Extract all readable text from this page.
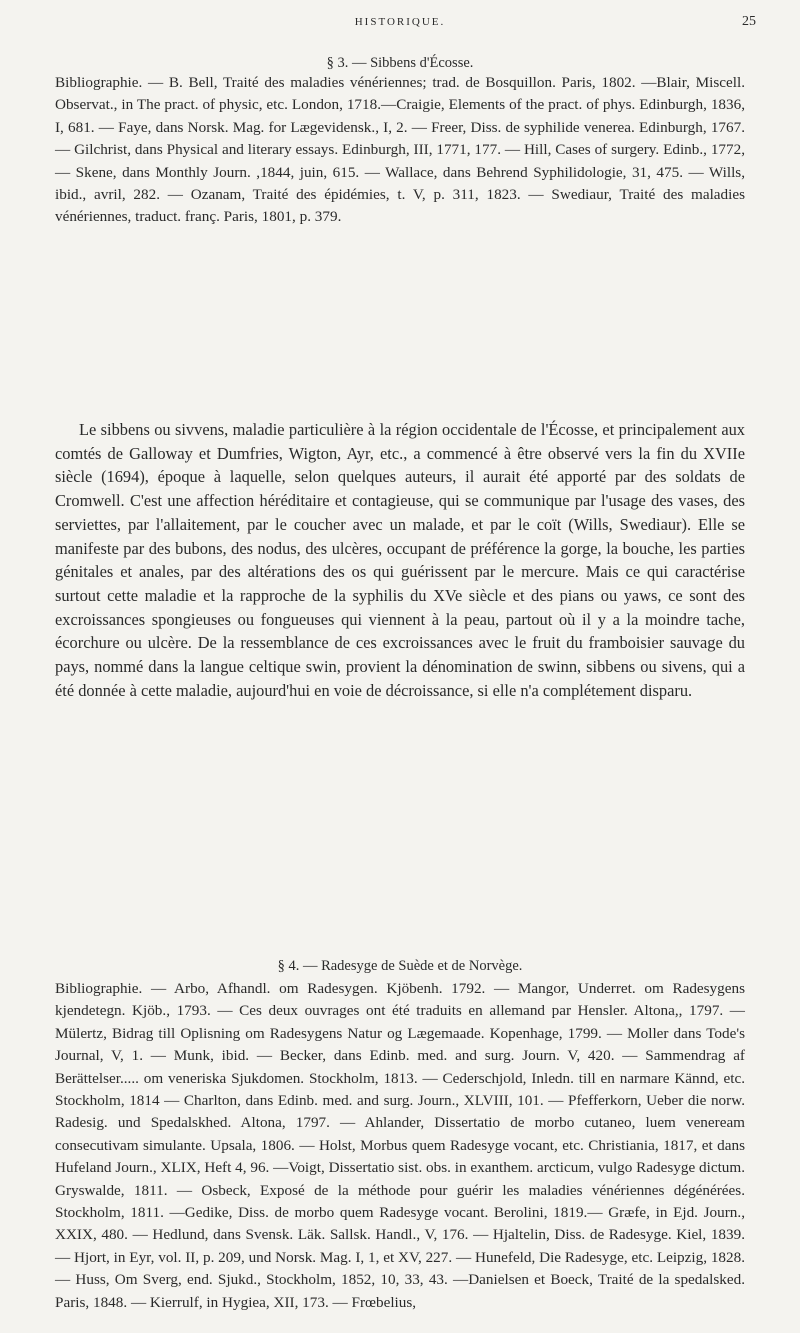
HISTORIQUE.	25
§ 3. — Sibbens d'Écosse.
Bibliographie. — B. Bell, Traité des maladies vénériennes; trad. de Bosquillon. Paris, 1802. —Blair, Miscell. Observat., in The pract. of physic, etc. London, 1718.—Craigie, Elements of the pract. of phys. Edinburgh, 1836, I, 681. — Faye, dans Norsk. Mag. for Lægevidensk., I, 2. — Freer, Diss. de syphilide venerea. Edinburgh, 1767. — Gilchrist, dans Physical and literary essays. Edinburgh, III, 1771, 177. — Hill, Cases of surgery. Edinb., 1772, — Skene, dans Monthly Journ. ,1844, juin, 615. — Wallace, dans Behrend Syphilidologie, 31, 475. — Wills, ibid., avril, 282. — Ozanam, Traité des épidémies, t. V, p. 311, 1823. — Swediaur, Traité des maladies vénériennes, traduct. franç. Paris, 1801, p. 379.
Le sibbens ou sivvens, maladie particulière à la région occidentale de l'Écosse, et principalement aux comtés de Galloway et Dumfries, Wigton, Ayr, etc., a commencé à être observé vers la fin du XVIIe siècle (1694), époque à laquelle, selon quelques auteurs, il aurait été apporté par des soldats de Cromwell. C'est une affection héréditaire et contagieuse, qui se communique par l'usage des vases, des serviettes, par l'allaitement, par le coucher avec un malade, et par le coït (Wills, Swediaur). Elle se manifeste par des bubons, des nodus, des ulcères, occupant de préférence la gorge, la bouche, les parties génitales et anales, par des altérations des os qui guérissent par le mercure. Mais ce qui caractérise surtout cette maladie et la rapproche de la syphilis du XVe siècle et des pians ou yaws, ce sont des excroissances spongieuses ou fongueuses qui viennent à la peau, partout où il y a la moindre tache, écorchure ou ulcère. De la ressemblance de ces excroissances avec le fruit du framboisier sauvage du pays, nommé dans la langue celtique swin, provient la dénomination de swinn, sibbens ou sivens, qui a été donnée à cette maladie, aujourd'hui en voie de décroissance, si elle n'a complétement disparu.
§ 4. — Radesyge de Suède et de Norvège.
Bibliographie. — Arbo, Afhandl. om Radesygen. Kjöbenh. 1792. — Mangor, Underret. om Radesygens kjendetegn. Kjöb., 1793. — Ces deux ouvrages ont été traduits en allemand par Hensler. Altona,, 1797. — Mülertz, Bidrag till Oplisning om Radesygens Natur og Lægemaade. Kopenhage, 1799. — Moller dans Tode's Journal, V, 1. — Munk, ibid. — Becker, dans Edinb. med. and surg. Journ. V, 420. — Sammendrag af Berättelser..... om veneriska Sjukdomen. Stockholm, 1813. — Cederschjold, Inledn. till en narmare Kännd, etc. Stockholm, 1814 — Charlton, dans Edinb. med. and surg. Journ., XLVIII, 101. — Pfefferkorn, Ueber die norw. Radesig. und Spedalskhed. Altona, 1797. — Ahlander, Dissertatio de morbo cutaneo, luem veneream consecutivam simulante. Upsala, 1806. — Holst, Morbus quem Radesyge vocant, etc. Christiania, 1817, et dans Hufeland Journ., XLIX, Heft 4, 96. —Voigt, Dissertatio sist. obs. in exanthem. arcticum, vulgo Radesyge dictum. Gryswalde, 1811. — Osbeck, Exposé de la méthode pour guérir les maladies vénériennes dégénérées. Stockholm, 1811. —Gedike, Diss. de morbo quem Radesyge vocant. Berolini, 1819.— Græfe, in Ejd. Journ., XXIX, 480. — Hedlund, dans Svensk. Läk. Sallsk. Handl., V, 176. — Hjaltelin, Diss. de Radesyge. Kiel, 1839. — Hjort, in Eyr, vol. II, p. 209, und Norsk. Mag. I, 1, et XV, 227. — Hunefeld, Die Radesyge, etc. Leipzig, 1828.— Huss, Om Sverg, end. Sjukd., Stockholm, 1852, 10, 33, 43. —Danielsen et Boeck, Traité de la spedalsked. Paris, 1848. — Kierrulf, in Hygiea, XII, 173. — Frœbelius,
